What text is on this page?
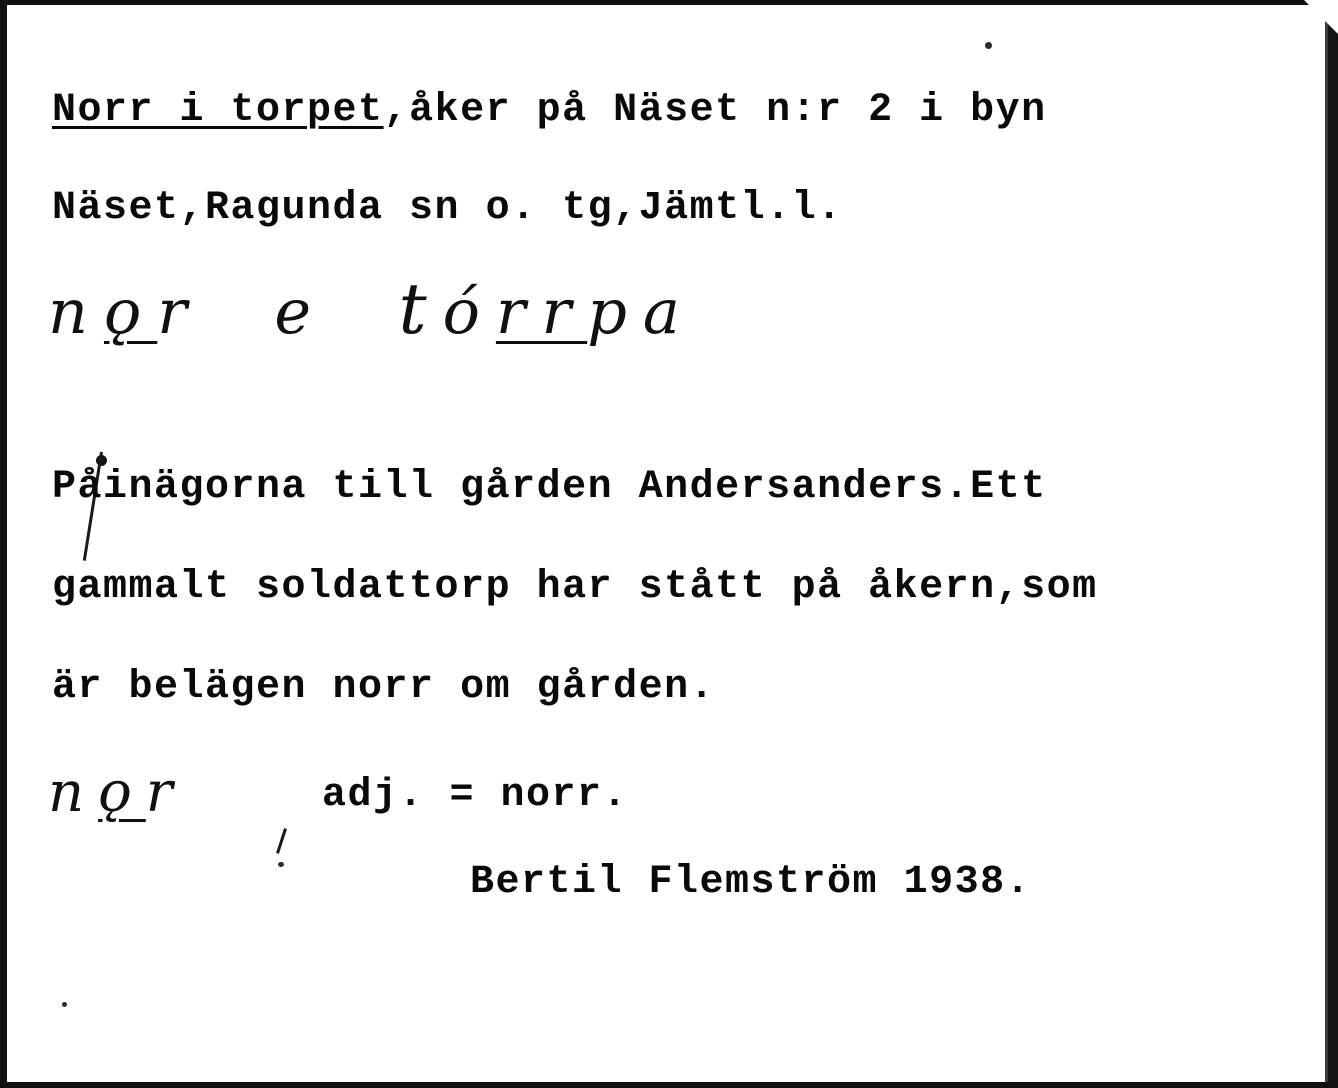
Norr i torpet,åker på Näset n:r 2 i byn
Näset,Ragunda sn o. tg,Jämtl.l.
nǫr  e  tórrpa
Påinägorna till gården Andersanders.Ett
gammalt soldattorp har stått på åkern,som
är belägen norr om gården.
nǫr	adj. = norr.
Bertil Flemström 1938.
